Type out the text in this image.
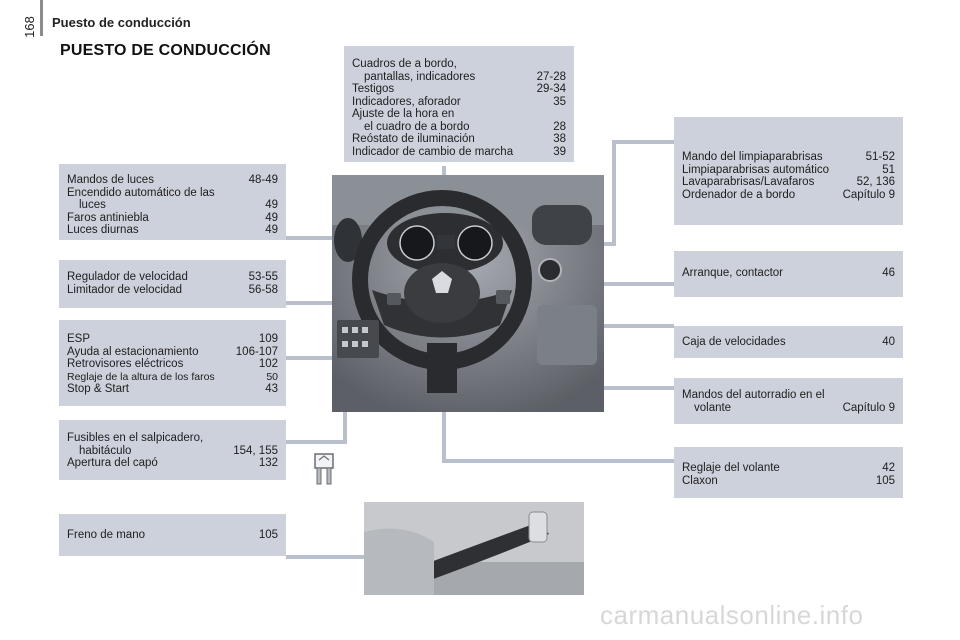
168 Puesto de conducción
PUESTO DE CONDUCCIÓN
Cuadros de a bordo,
pantallas, indicadores	27-28
Testigos	29-34
Indicadores, aforador	35
Ajuste de la hora en
el cuadro de a bordo	28
Reóstato de iluminación	38
Indicador de cambio de marcha	39
Mandos de luces	48-49
Encendido automático de las
luces	49
Faros antiniebla	49
Luces diurnas	49
Regulador de velocidad	53-55
Limitador de velocidad	56-58
ESP	109
Ayuda al estacionamiento	106-107
Retrovisores eléctricos	102
Reglaje de la altura de los faros	50
Stop & Start	43
Fusibles en el salpicadero,
habitáculo	154, 155
Apertura del capó	132
Freno de mano	105
Mando del limpiaparabrisas	51-52
Limpiaparabrisas automático	51
Lavaparabrisas/Lavafaros	52, 136
Ordenador de a bordo	Capítulo 9
Arranque, contactor	46
Caja de velocidades	40
Mandos del autorradio en el
volante	Capítulo 9
Reglaje del volante	42
Claxon	105
carmanualsonline.info
